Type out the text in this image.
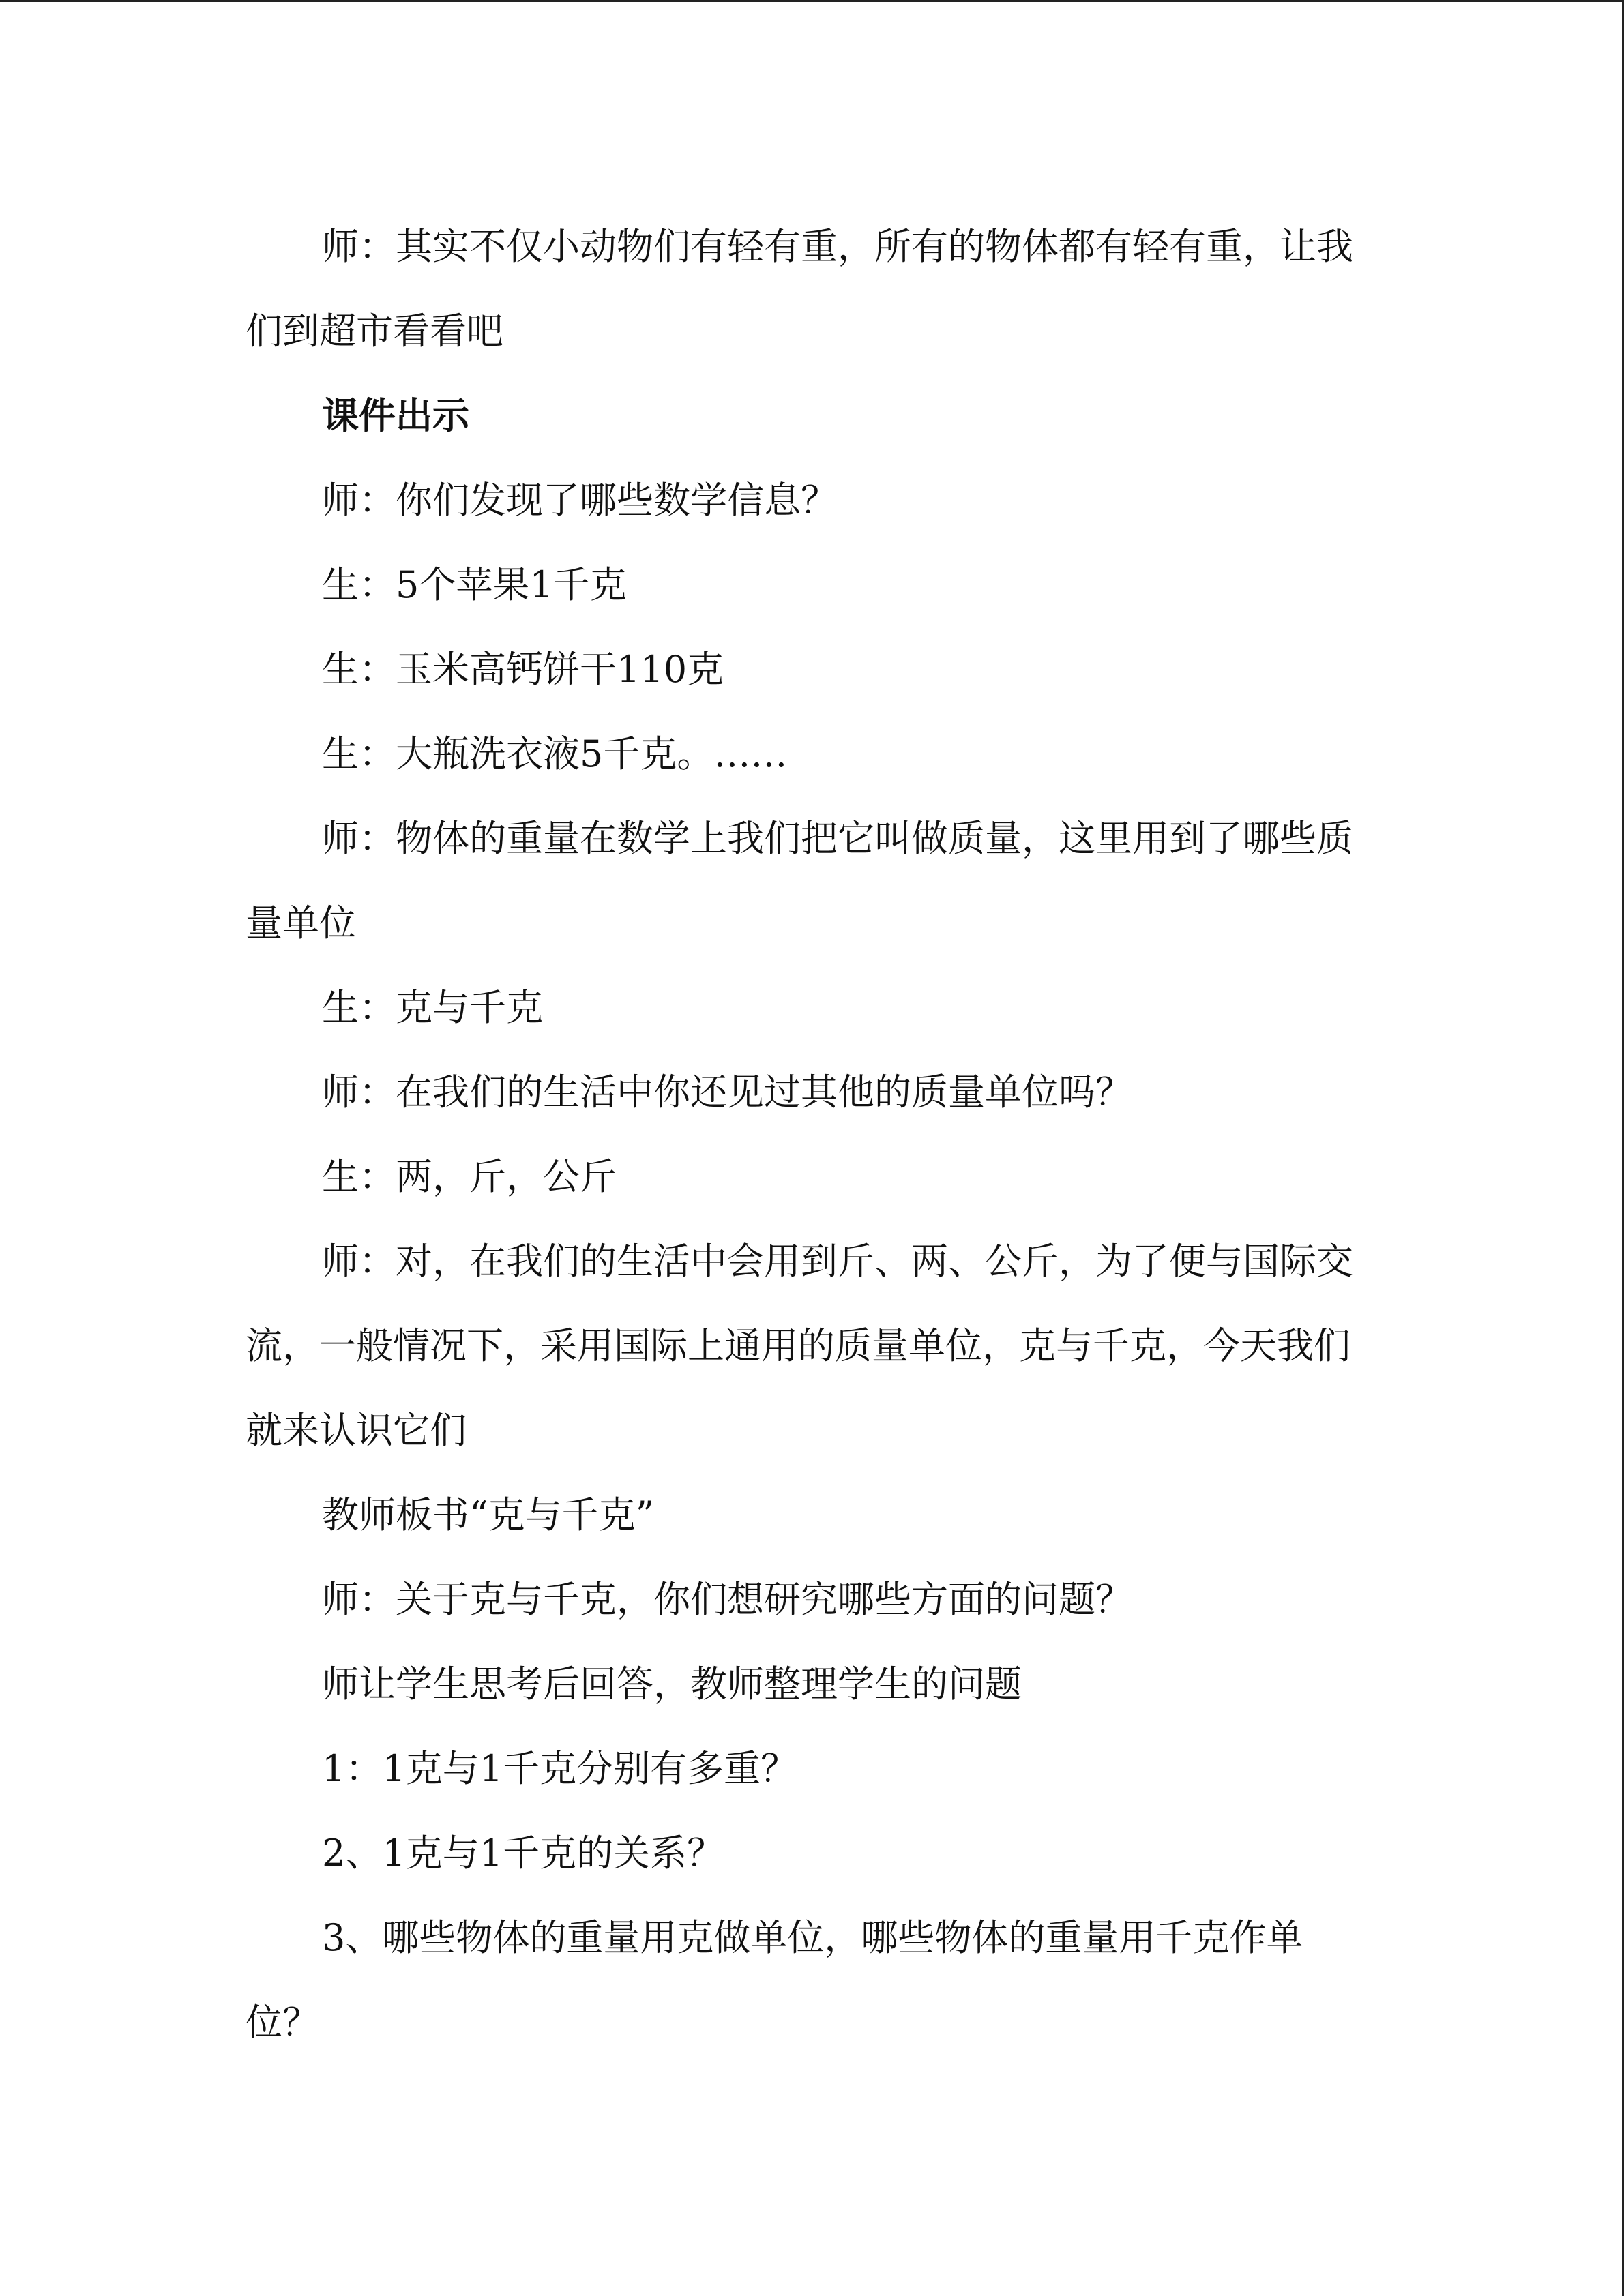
师：其实不仅小动物们有轻有重，所有的物体都有轻有重，让我们到超市看看吧

课件出示

师：你们发现了哪些数学信息？

生：5个苹果1千克

生：玉米高钙饼干110克

生：大瓶洗衣液5千克。……

师：物体的重量在数学上我们把它叫做质量，这里用到了哪些质量单位

生：克与千克

师：在我们的生活中你还见过其他的质量单位吗？

生：两，斤，公斤

师：对，在我们的生活中会用到斤、两、公斤，为了便与国际交流，一般情况下，采用国际上通用的质量单位，克与千克，今天我们就来认识它们

教师板书“克与千克”

师：关于克与千克，你们想研究哪些方面的问题？

师让学生思考后回答，教师整理学生的问题

1：1克与1千克分别有多重？

2、1克与1千克的关系？

3、哪些物体的重量用克做单位，哪些物体的重量用千克作单位？
